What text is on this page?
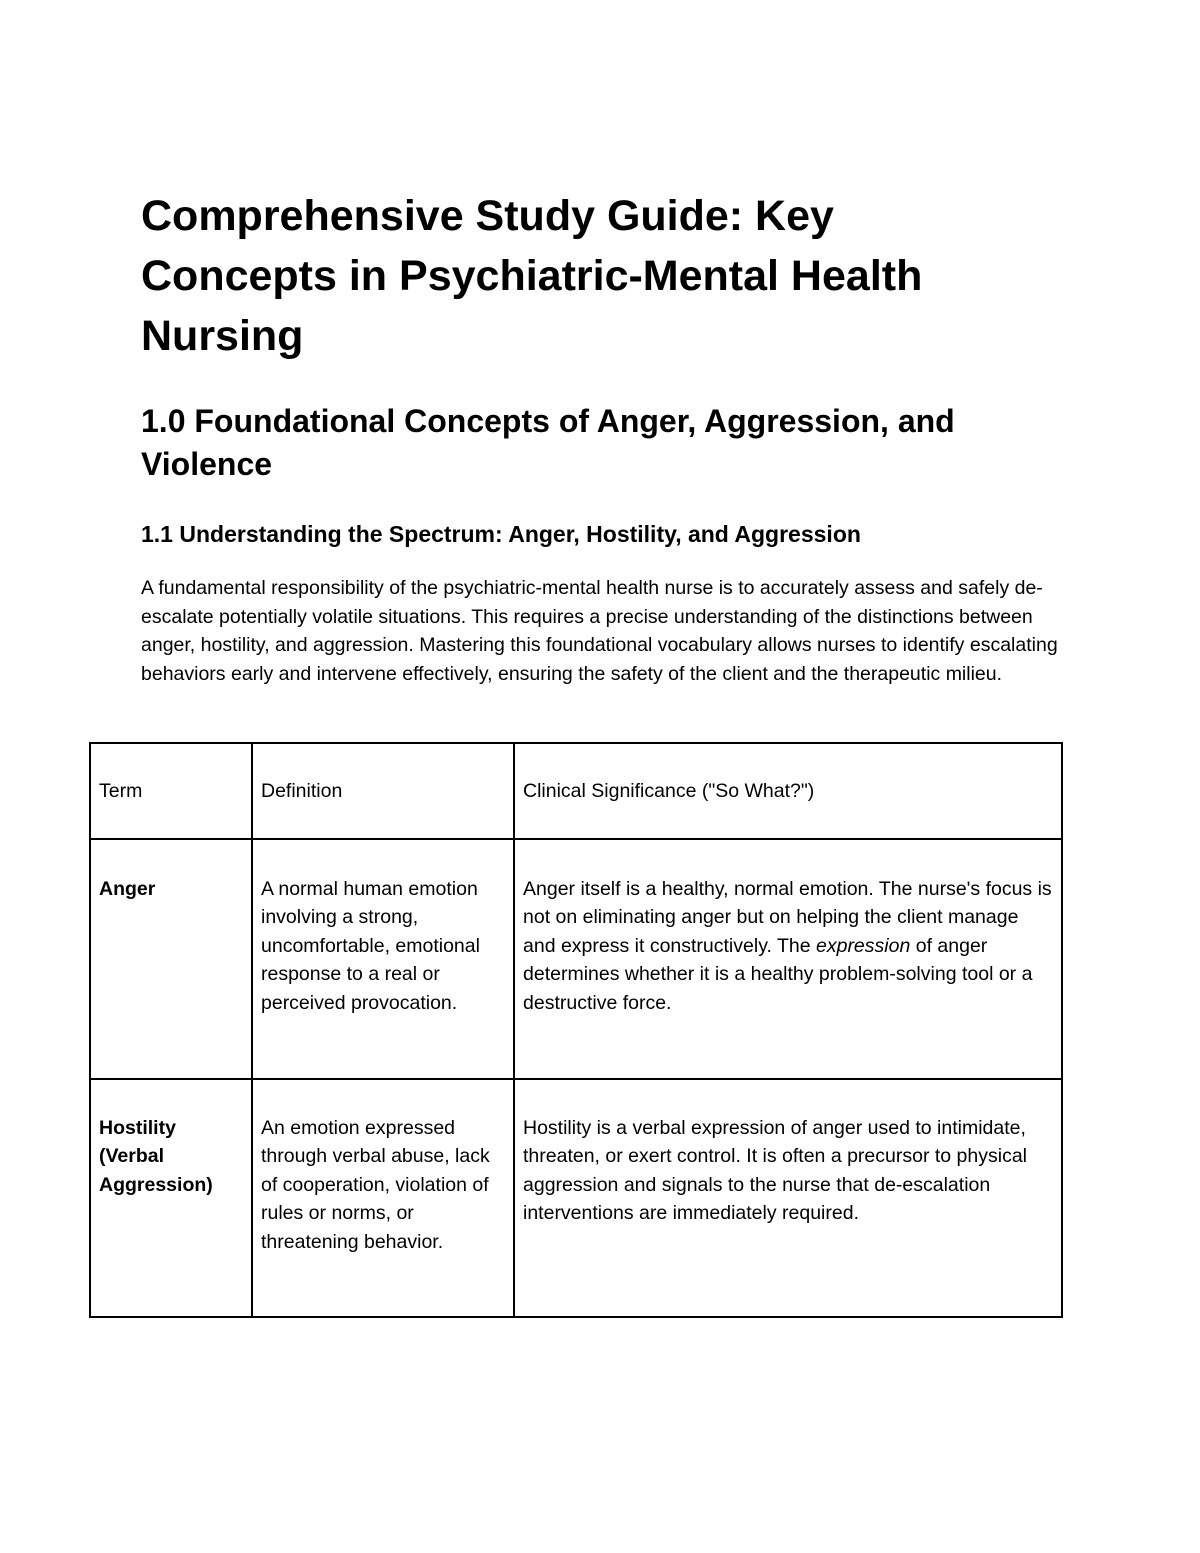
Comprehensive Study Guide: Key Concepts in Psychiatric-Mental Health Nursing
1.0 Foundational Concepts of Anger, Aggression, and Violence
1.1 Understanding the Spectrum: Anger, Hostility, and Aggression

A fundamental responsibility of the psychiatric-mental health nurse is to accurately assess and safely de-escalate potentially volatile situations. This requires a precise understanding of the distinctions between anger, hostility, and aggression. Mastering this foundational vocabulary allows nurses to identify escalating behaviors early and intervene effectively, ensuring the safety of the client and the therapeutic milieu.

Term	Definition	Clinical Significance ("So What?")
Anger	A normal human emotion involving a strong, uncomfortable, emotional response to a real or perceived provocation.	Anger itself is a healthy, normal emotion. The nurse's focus is not on eliminating anger but on helping the client manage and express it constructively. The expression of anger determines whether it is a healthy problem-solving tool or a destructive force.
Hostility (Verbal Aggression)	An emotion expressed through verbal abuse, lack of cooperation, violation of rules or norms, or threatening behavior.	Hostility is a verbal expression of anger used to intimidate, threaten, or exert control. It is often a precursor to physical aggression and signals to the nurse that de-escalation interventions are immediately required.
